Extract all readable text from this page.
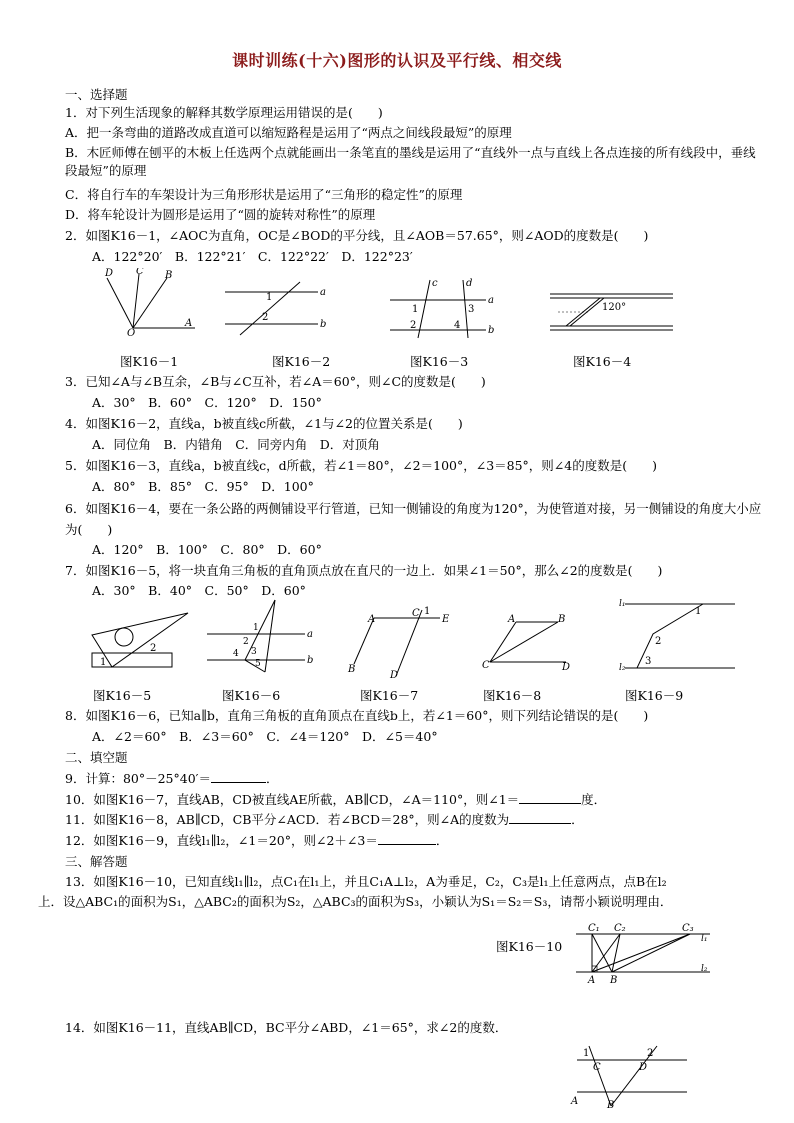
课时训练(十六)图形的认识及平行线、相交线
一、选择题
1．对下列生活现象的解释其数学原理运用错误的是(　　)
A．把一条弯曲的道路改成直道可以缩短路程是运用了“两点之间线段最短”的原理
B．木匠师傅在刨平的木板上任选两个点就能画出一条笔直的墨线是运用了“直线外一点与直线上各点连接的所有线段中，垂线段最短”的原理
C．将自行车的车架设计为三角形形状是运用了“三角形的稳定性”的原理
D．将车轮设计为圆形是运用了“圆的旋转对称性”的原理
2．如图K16－1，∠AOC为直角，OC是∠BOD的平分线，且∠AOB＝57.65°，则∠AOD的度数是(　　)
A．122°20′　B．122°21′　C．122°22′　D．122°23′
D C B
A
O
1
2
a
b
c	d
a
b
1
2
3
4
120°
图K16－1	图K16－2	图K16－3	图K16－4
3．已知∠A与∠B互余，∠B与∠C互补，若∠A＝60°，则∠C的度数是(　　)
A．30°　B．60°　C．120°　D．150°
4．如图K16－2，直线a，b被直线c所截，∠1与∠2的位置关系是(　　)
A．同位角　B．内错角　C．同旁内角　D．对顶角
5．如图K16－3，直线a，b被直线c，d所截，若∠1＝80°，∠2＝100°，∠3＝85°，则∠4的度数是(　　)
A．80°　B．85°　C．95°　D．100°
6．如图K16－4，要在一条公路的两侧铺设平行管道，已知一侧铺设的角度为120°，为使管道对接，另一侧铺设的角度大小应为(　　)
A．120°　B．100°　C．80°　D．60°
7．如图K16－5，将一块直角三角板的直角顶点放在直尺的一边上．如果∠1＝50°，那么∠2的度数是(　　)
A．30°　B．40°　C．50°　D．60°
1
2
1
2
3
4
5
a
b
A
B
C
D
E
1
A	B
C	D
l₁
l₂
1
2
3
图K16－5	图K16－6	图K16－7	图K16－8	图K16－9
8．如图K16－6，已知a∥b，直角三角板的直角顶点在直线b上，若∠1＝60°，则下列结论错误的是(　　)
A．∠2＝60°　B．∠3＝60°　C．∠4＝120°　D．∠5＝40°
二、填空题
9．计算：80°－25°40′＝	．
10．如图K16－7，直线AB，CD被直线AE所截，AB∥CD，∠A＝110°，则∠1＝	度．
11．如图K16－8，AB∥CD，CB平分∠ACD．若∠BCD＝28°，则∠A的度数为	．
12．如图K16－9，直线l₁∥l₂，∠1＝20°，则∠2＋∠3＝	．
三、解答题
13．如图K16－10，已知直线l₁∥l₂，点C₁在l₁上，并且C₁A⊥l₂，A为垂足，C₂，C₃是l₁上任意两点，点B在l₂
上．设△ABC₁的面积为S₁，△ABC₂的面积为S₂，△ABC₃的面积为S₃，小颖认为S₁＝S₂＝S₃，请帮小颖说明理由．
图K16－10
C₁ C₂	C₃
A B
l₁
l₂
14．如图K16－11，直线AB∥CD，BC平分∠ABD，∠1＝65°，求∠2的度数．
1	2
C	D
A	B
